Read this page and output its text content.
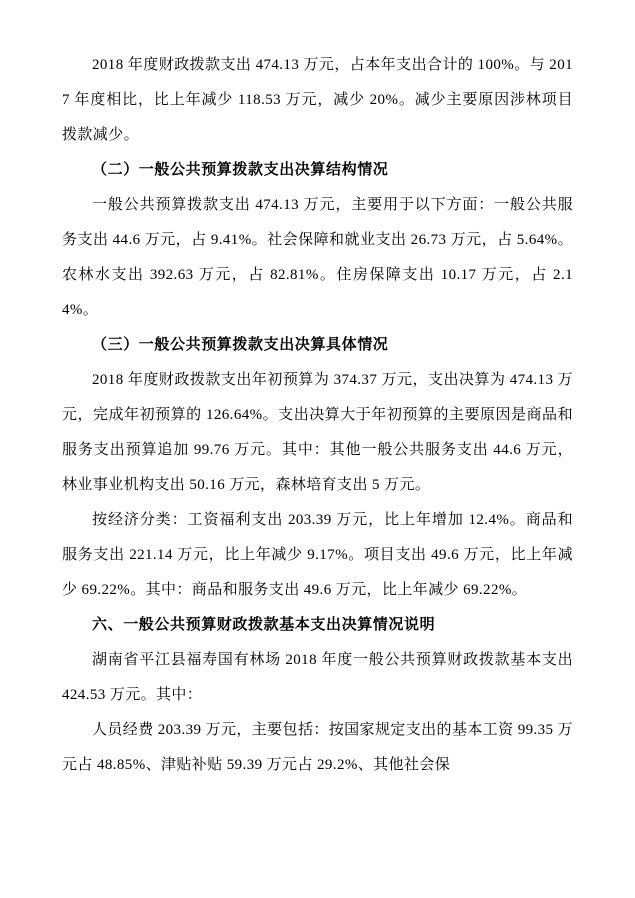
2018 年度财政拨款支出 474.13 万元，占本年支出合计的 100%。与 2017 年度相比，比上年减少 118.53 万元，减少 20%。减少主要原因涉林项目拨款减少。

（二）一般公共预算拨款支出决算结构情况

一般公共预算拨款支出 474.13 万元，主要用于以下方面：一般公共服务支出 44.6 万元，占 9.41%。社会保障和就业支出 26.73 万元，占 5.64%。农林水支出 392.63 万元，占 82.81%。住房保障支出 10.17 万元，占 2.14%。

（三）一般公共预算拨款支出决算具体情况

2018 年度财政拨款支出年初预算为 374.37 万元，支出决算为 474.13 万元，完成年初预算的 126.64%。支出决算大于年初预算的主要原因是商品和服务支出预算追加 99.76 万元。其中：其他一般公共服务支出 44.6 万元，林业事业机构支出 50.16 万元，森林培育支出 5 万元。

按经济分类：工资福利支出 203.39 万元，比上年增加 12.4%。商品和服务支出 221.14 万元，比上年减少 9.17%。项目支出 49.6 万元，比上年减少 69.22%。其中：商品和服务支出 49.6 万元，比上年减少 69.22%。

六、一般公共预算财政拨款基本支出决算情况说明

湖南省平江县福寿国有林场 2018 年度一般公共预算财政拨款基本支出 424.53 万元。其中：

人员经费 203.39 万元，主要包括：按国家规定支出的基本工资 99.35 万元占 48.85%、津贴补贴 59.39 万元占 29.2%、其他社会保
